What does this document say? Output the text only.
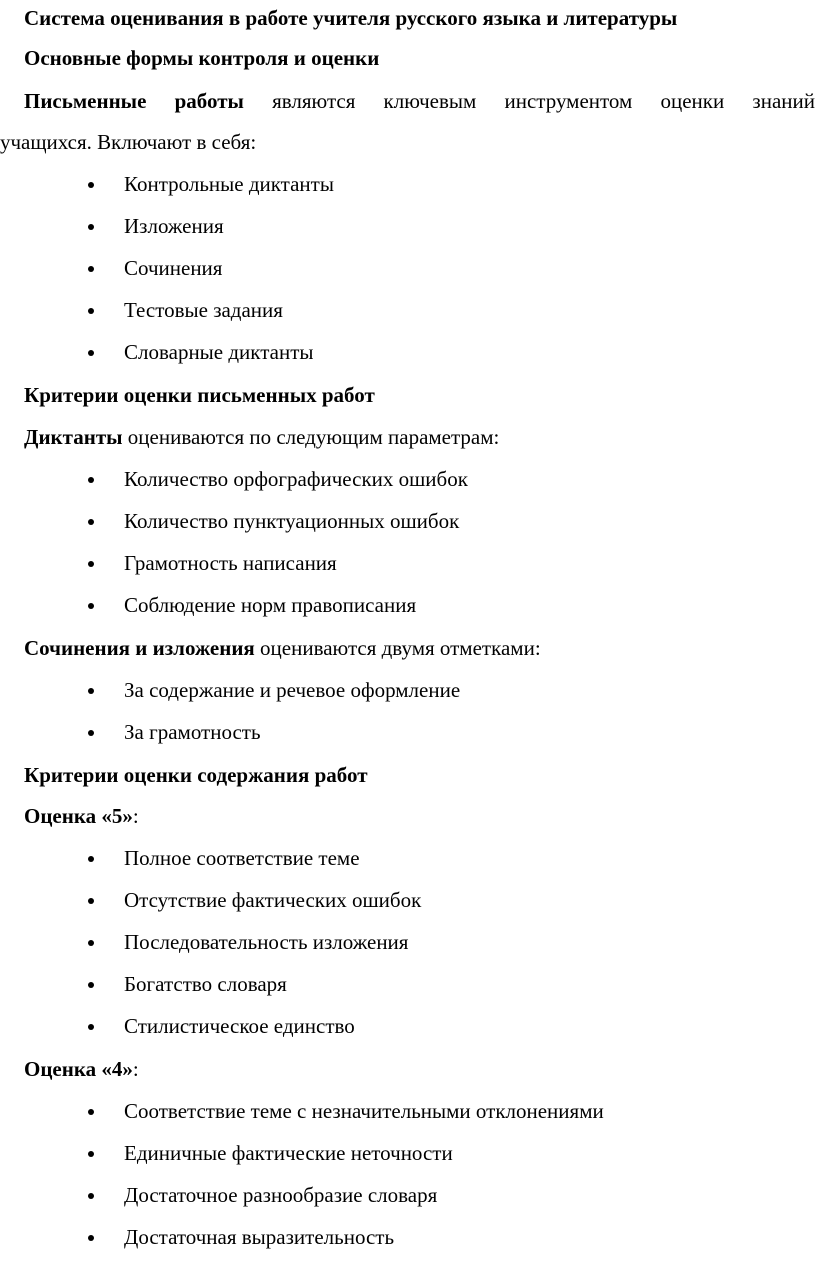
Система оценивания в работе учителя русского языка и литературы
Основные формы контроля и оценки
Письменные работы являются ключевым инструментом оценки знаний
учащихся. Включают в себя:
Контрольные диктанты
Изложения
Сочинения
Тестовые задания
Словарные диктанты
Критерии оценки письменных работ
Диктанты оцениваются по следующим параметрам:
Количество орфографических ошибок
Количество пунктуационных ошибок
Грамотность написания
Соблюдение норм правописания
Сочинения и изложения оцениваются двумя отметками:
За содержание и речевое оформление
За грамотность
Критерии оценки содержания работ
Оценка «5»:
Полное соответствие теме
Отсутствие фактических ошибок
Последовательность изложения
Богатство словаря
Стилистическое единство
Оценка «4»:
Соответствие теме с незначительными отклонениями
Единичные фактические неточности
Достаточное разнообразие словаря
Достаточная выразительность
